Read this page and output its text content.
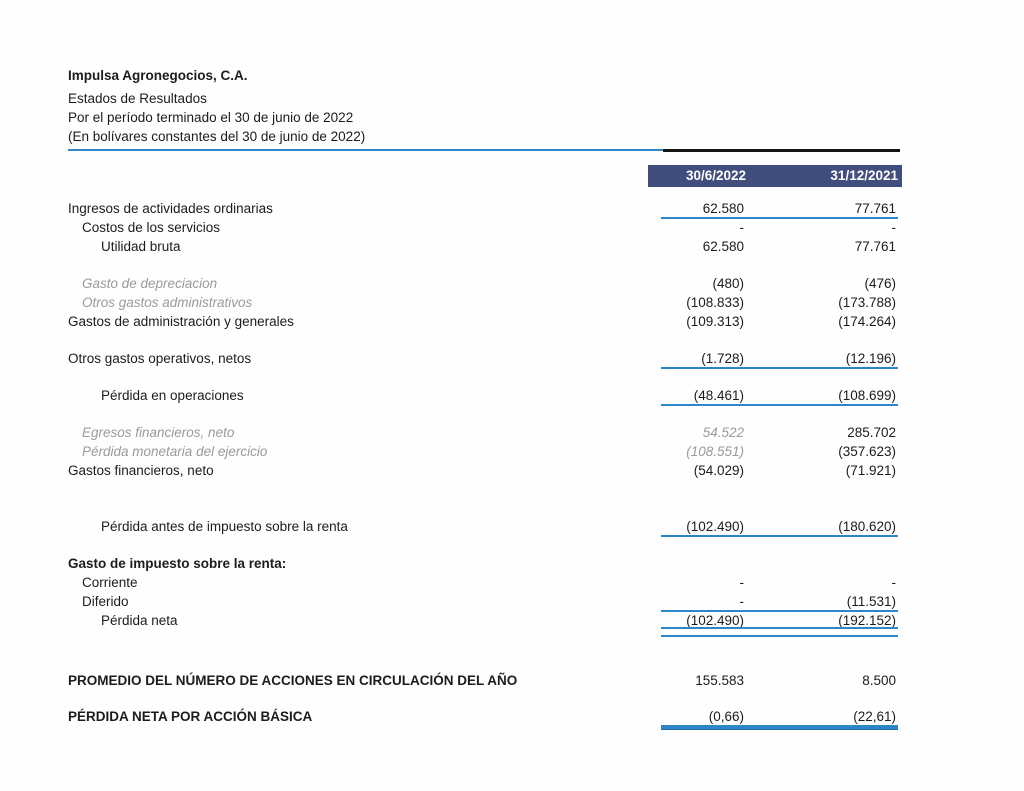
Impulsa Agronegocios, C.A.
Estados de Resultados
Por el período terminado el 30 de junio de 2022
(En bolívares constantes del 30 de junio de 2022)
30/6/2022	31/12/2021
Ingresos de actividades ordinarias	62.580	77.761
Costos de los servicios	-	-
Utilidad bruta	62.580	77.761
Gasto de depreciacion	(480)	(476)
Otros gastos administrativos	(108.833)	(173.788)
Gastos de administración y generales	(109.313)	(174.264)
Otros gastos operativos, netos	(1.728)	(12.196)
Pérdida en operaciones	(48.461)	(108.699)
Egresos financieros, neto	54.522	285.702
Pérdida monetaria del ejercicio	(108.551)	(357.623)
Gastos financieros, neto	(54.029)	(71.921)
Pérdida antes de impuesto sobre la renta	(102.490)	(180.620)
Gasto de impuesto sobre la renta:
Corriente	-	-
Diferido	-	(11.531)
Pérdida neta	(102.490)	(192.152)
PROMEDIO DEL NÚMERO DE ACCIONES EN CIRCULACIÓN DEL AÑO	155.583	8.500
PÉRDIDA NETA POR ACCIÓN BÁSICA	(0,66)	(22,61)
